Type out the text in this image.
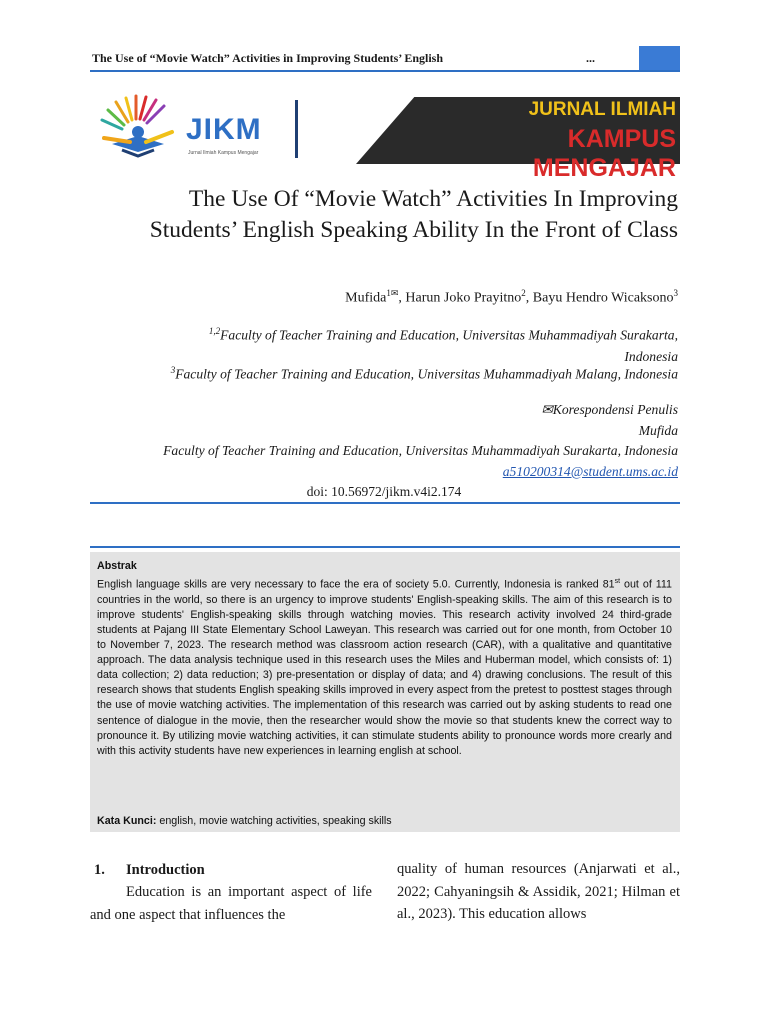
The Use of “Movie Watch” Activities in Improving Students’ English	...
JIKM
Jurnal Ilmiah Kampus Mengajar
JURNAL ILMIAH
KAMPUS MENGAJAR
The Use Of “Movie Watch” Activities In Improving
Students’ English Speaking Ability In the Front of Class
Mufida$^{1✉}$, Harun Joko Prayitno$^2$, Bayu Hendro Wicaksono$^3$
$^{1,2}$Faculty of Teacher Training and Education, Universitas Muhammadiyah Surakarta,
Indonesia
$^3$Faculty of Teacher Training and Education, Universitas Muhammadiyah Malang, Indonesia
✉Korespondensi Penulis
Mufida
Faculty of Teacher Training and Education, Universitas Muhammadiyah Surakarta, Indonesia
a510200314@student.ums.ac.id
doi: 10.56972/jikm.v4i2.174
Abstrak
English language skills are very necessary to face the era of society 5.0. Currently, Indonesia is ranked 81st out of 111 countries in the world, so there is an urgency to improve students' English-speaking skills. The aim of this research is to improve students' English-speaking skills through watching movies. This research activity involved 24 third-grade students at Pajang III State Elementary School Laweyan. This research was carried out for one month, from October 10 to November 7, 2023. The research method was classroom action research (CAR), with a qualitative and quantitative approach. The data analysis technique used in this research uses the Miles and Huberman model, which consists of: 1) data collection; 2) data reduction; 3) pre-presentation or display of data; and 4) drawing conclusions. The result of this research shows that students English speaking skills improved in every aspect from the pretest to posttest stages through the use of movie watching activities. The implementation of this research was carried out by asking students to read one sentence of dialogue in the movie, then the researcher would show the movie so that students knew the correct way to pronounce it. By utilizing movie watching activities, it can stimulate students ability to pronounce words more crearly and with this activity students have new experiences in learning english at school.
Kata Kunci: english, movie watching activities, speaking skills
1. Introduction
Education is an important aspect of life and one aspect that influences the
quality of human resources (Anjarwati et al., 2022; Cahyaningsih & Assidik, 2021; Hilman et al., 2023). This education allows
